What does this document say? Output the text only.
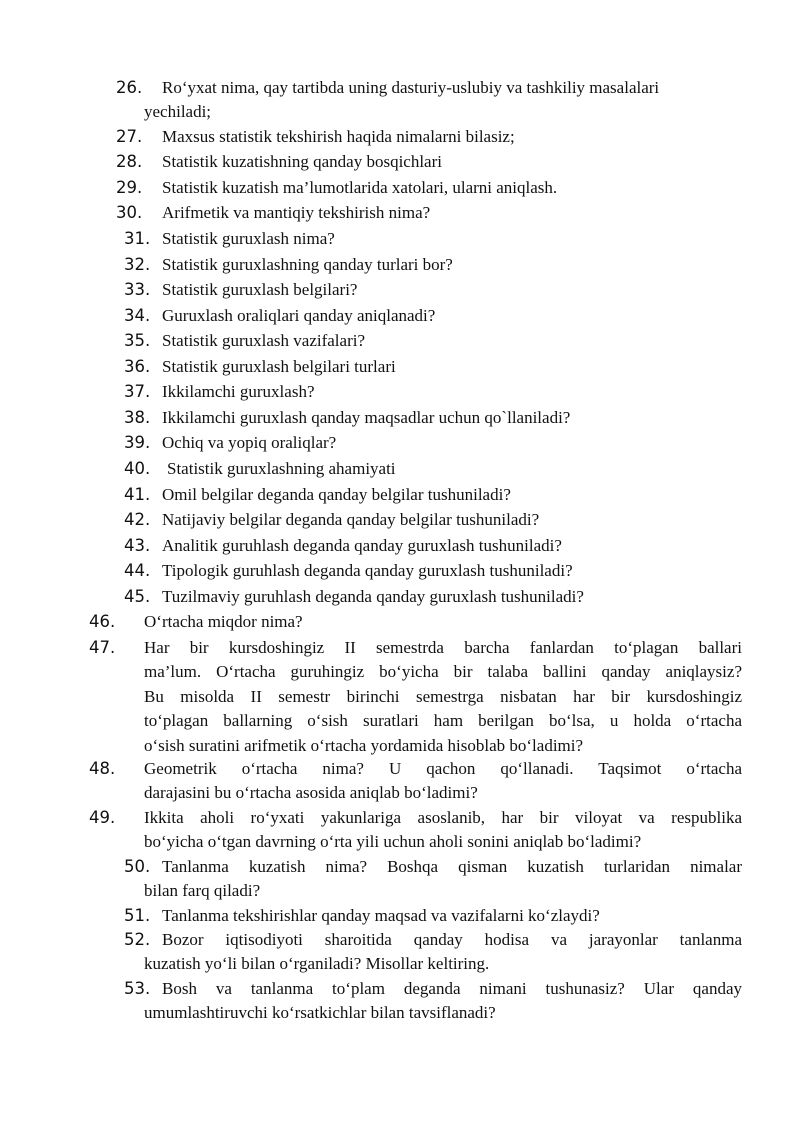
26. Ro‘yxat nima, qay tartibda uning dasturiy-uslubiy va tashkiliy masalalari
yechiladi;
27. Maxsus statistik tekshirish haqida nimalarni bilasiz;
28. Statistik kuzatishning qanday bosqichlari
29. Statistik kuzatish ma’lumotlarida xatolari, ularni aniqlash.
30. Arifmetik va mantiqiy tekshirish nima?
31. Statistik guruxlash nima?
32. Statistik guruxlashning qanday turlari bor?
33. Statistik guruxlash belgilari?
34. Guruxlash oraliqlari qanday aniqlanadi?
35. Statistik guruxlash vazifalari?
36. Statistik guruxlash belgilari turlari
37. Ikkilamchi guruxlash?
38. Ikkilamchi guruxlash qanday maqsadlar uchun qo`llaniladi?
39. Ochiq va yopiq oraliqlar?
40. Statistik guruxlashning ahamiyati
41. Omil belgilar deganda qanday belgilar tushuniladi?
42. Natijaviy belgilar deganda qanday belgilar tushuniladi?
43. Analitik guruhlash deganda qanday guruxlash tushuniladi?
44. Tipologik guruhlash deganda qanday guruxlash tushuniladi?
45. Tuzilmaviy guruhlash deganda qanday guruxlash tushuniladi?
46. O‘rtacha miqdor nima?
47. Har bir kursdoshingiz II semestrda barcha fanlardan to‘plagan ballari
ma’lum. O‘rtacha guruhingiz bo‘yicha bir talaba ballini qanday aniqlaysiz?
Bu misolda II semestr birinchi semestrga nisbatan har bir kursdoshingiz
to‘plagan ballarning o‘sish suratlari ham berilgan bo‘lsa, u holda o‘rtacha
o‘sish suratini arifmetik o‘rtacha yordamida hisoblab bo‘ladimi?
48. Geometrik o‘rtacha nima? U qachon qo‘llanadi. Taqsimot o‘rtacha
darajasini bu o‘rtacha asosida aniqlab bo‘ladimi?
49. Ikkita aholi ro‘yxati yakunlariga asoslanib, har bir viloyat va respublika
bo‘yicha o‘tgan davrning o‘rta yili uchun aholi sonini aniqlab bo‘ladimi?
50. Tanlanma kuzatish nima? Boshqa qisman kuzatish turlaridan nimalar
bilan farq qiladi?
51. Tanlanma tekshirishlar qanday maqsad va vazifalarni ko‘zlaydi?
52. Bozor iqtisodiyoti sharoitida qanday hodisa va jarayonlar tanlanma
kuzatish yo‘li bilan o‘rganiladi? Misollar keltiring.
53. Bosh va tanlanma to‘plam deganda nimani tushunasiz? Ular qanday
umumlashtiruvchi ko‘rsatkichlar bilan tavsiflanadi?
